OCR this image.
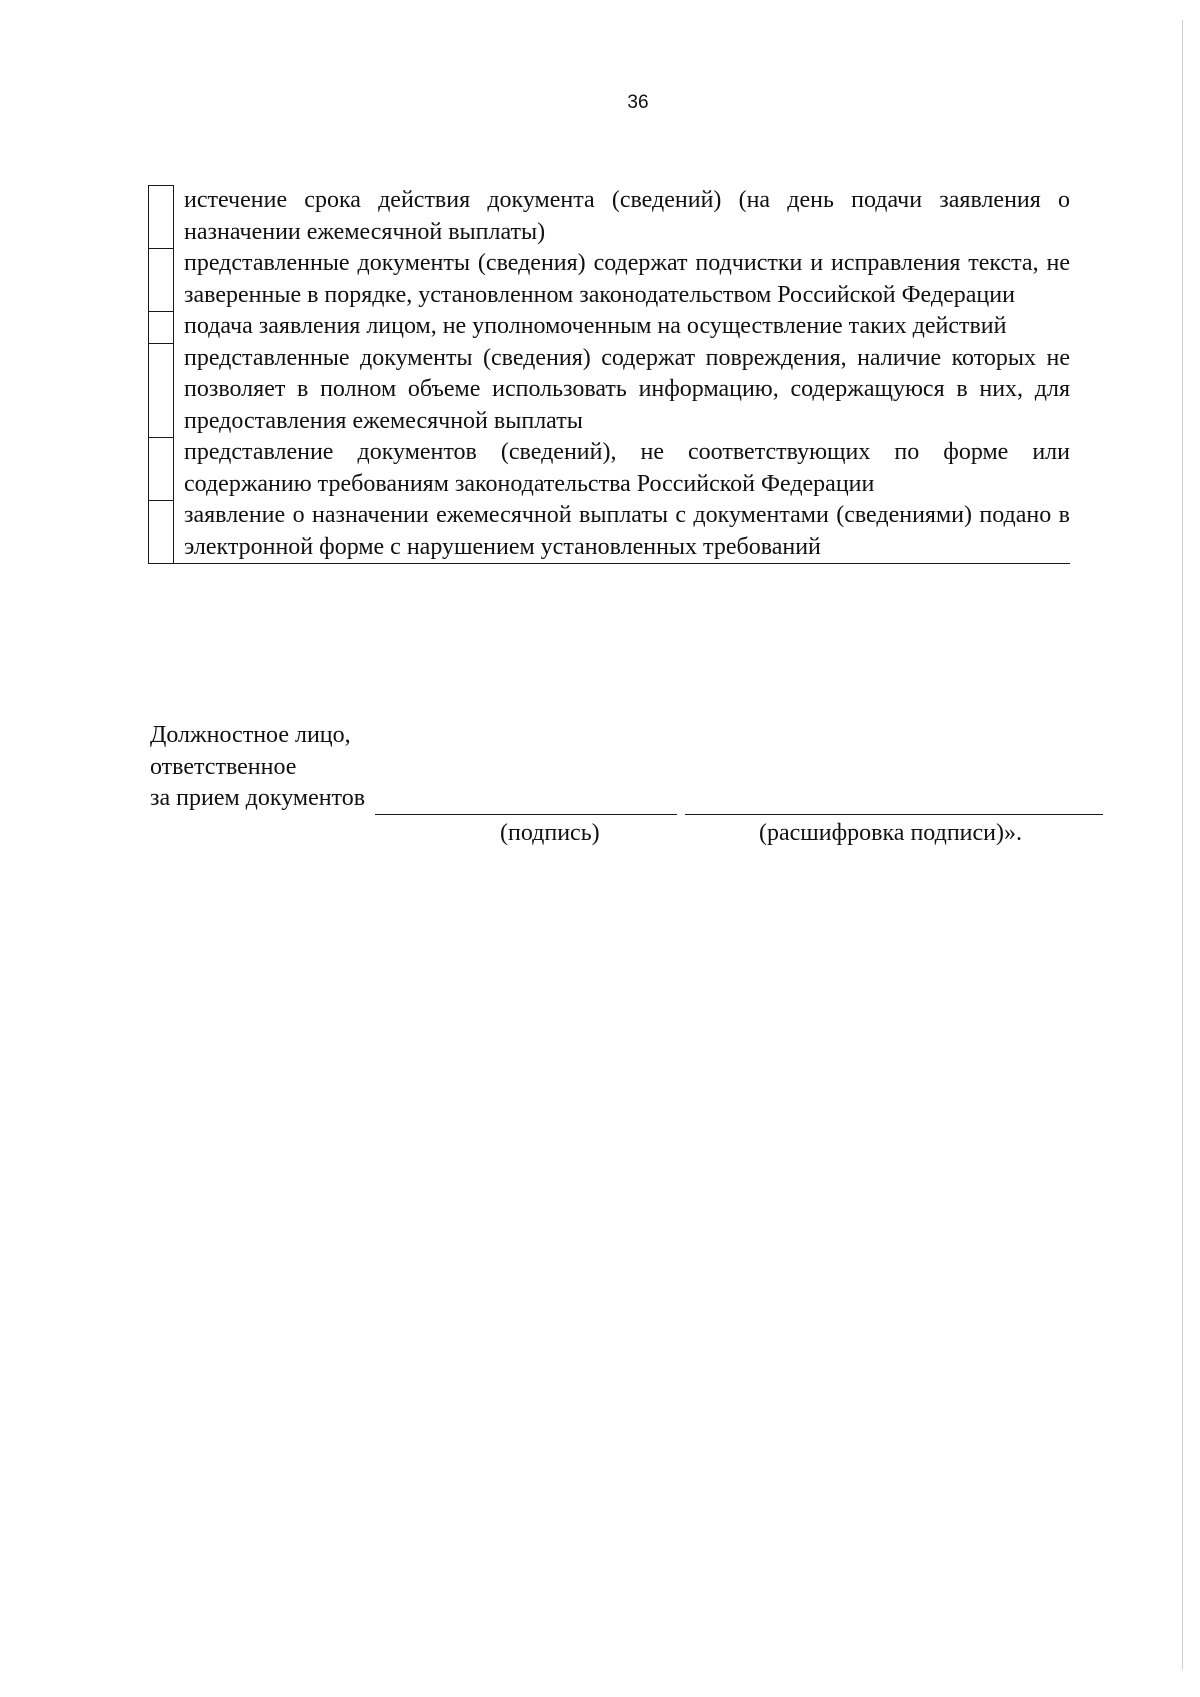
36
истечение срока действия документа (сведений) (на день подачи заявления о назначении ежемесячной выплаты)
представленные документы (сведения) содержат подчистки и исправления текста, не заверенные в порядке, установленном законодательством Российской Федерации
подача заявления лицом, не уполномоченным на осуществление таких действий
представленные документы (сведения) содержат повреждения, наличие которых не позволяет в полном объеме использовать информацию, содержащуюся в них, для предоставления ежемесячной выплаты
представление документов (сведений), не соответствующих по форме или содержанию требованиям законодательства Российской Федерации
заявление о назначении ежемесячной выплаты с документами (сведениями) подано в электронной форме с нарушением установленных требований
Должностное лицо,
ответственное
за прием документов
(подпись)	(расшифровка подписи)».
